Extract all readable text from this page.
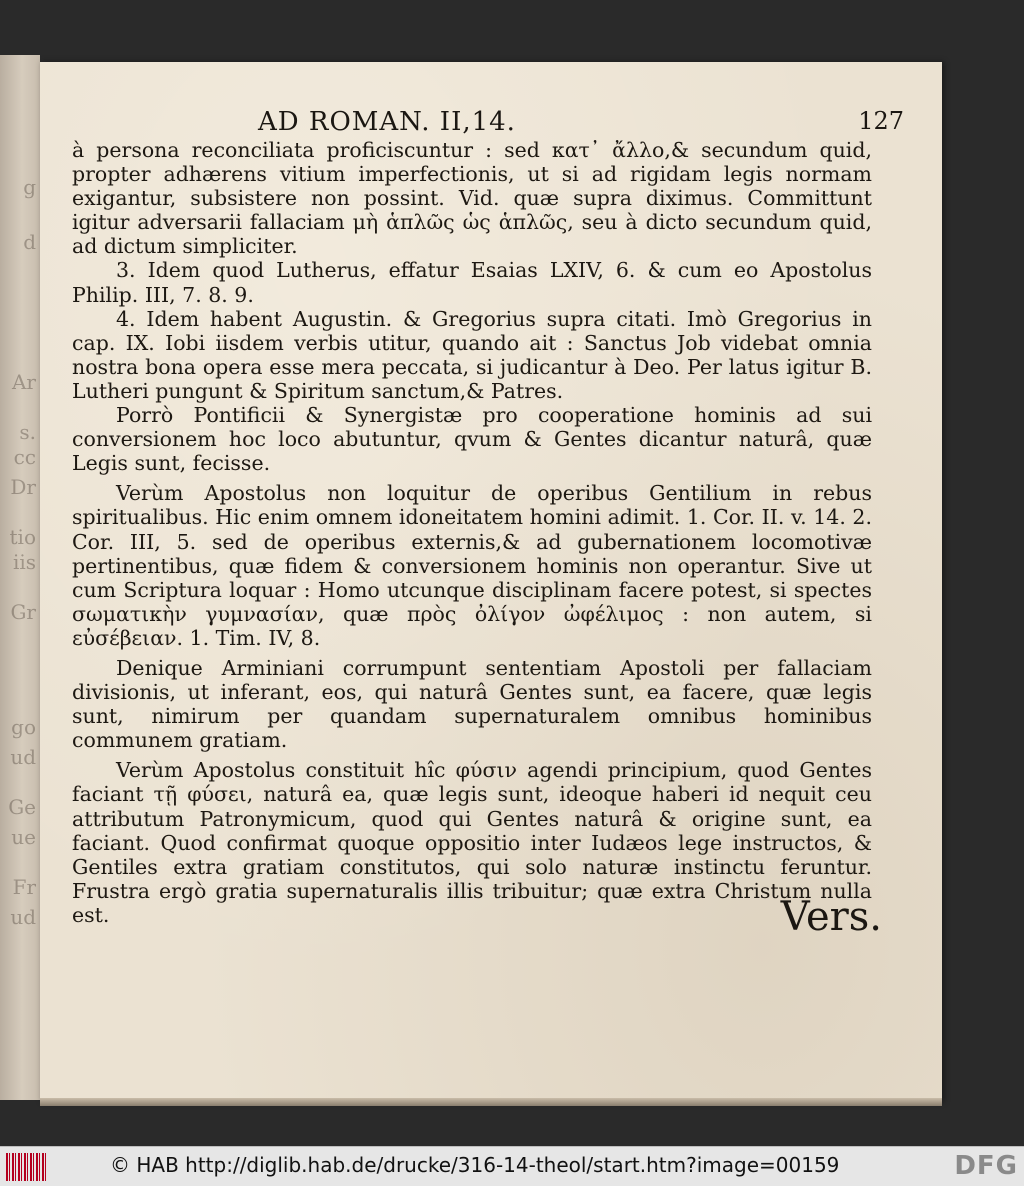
g
d
Ar
s.
cc
Dr
tio
iis
Gr
go
ud
Ge
ue
Fr
ud
AD ROMAN. II,14.	127

à persona reconciliata proficiscuntur : sed κατ᾽ ἄλλο,& secundum quid, propter adhærens vitium imperfectionis, ut si ad rigidam legis normam exigantur, subsistere non possint. Vid. quæ supra diximus. Committunt igitur adversarii fallaciam μὴ ἁπλῶς ὡς ἁπλῶς, seu à dicto secundum quid, ad dictum simpliciter.

3. Idem quod Lutherus, effatur Esaias LXIV, 6. & cum eo Apostolus Philip. III, 7. 8. 9.

4. Idem habent Augustin. & Gregorius supra citati. Imò Gregorius in cap. IX. Iobi iisdem verbis utitur, quando ait : Sanctus Job videbat omnia nostra bona opera esse mera peccata, si judicantur à Deo. Per latus igitur B. Lutheri pungunt & Spiritum sanctum,& Patres.

Porrò Pontificii & Synergistæ pro cooperatione hominis ad sui conversionem hoc loco abutuntur, qvum & Gentes dicantur naturâ, quæ Legis sunt, fecisse.

Verùm Apostolus non loquitur de operibus Gentilium in rebus spiritualibus. Hic enim omnem idoneitatem homini adimit. 1. Cor. II. v. 14. 2. Cor. III, 5. sed de operibus externis,& ad gubernationem locomotivæ pertinentibus, quæ fidem & conversionem hominis non operantur. Sive ut cum Scriptura loquar : Homo utcunque disciplinam facere potest, si spectes σωματικὴν γυμνασίαν, quæ πρὸς ὀλίγον ὠφέλιμος : non autem, si εὐσέβειαν. 1. Tim. IV, 8.

Denique Arminiani corrumpunt sententiam Apostoli per fallaciam divisionis, ut inferant, eos, qui naturâ Gentes sunt, ea facere, quæ legis sunt, nimirum per quandam supernaturalem omnibus hominibus communem gratiam.

Verùm Apostolus constituit hîc φύσιν agendi principium, quod Gentes faciant τῇ φύσει, naturâ ea, quæ legis sunt, ideoque haberi id nequit ceu attributum Patronymicum, quod qui Gentes naturâ & origine sunt, ea faciant. Quod confirmat quoque oppositio inter Iudæos lege instructos, & Gentiles extra gratiam constitutos, qui solo naturæ instinctu feruntur. Frustra ergò gratia supernaturalis illis tribuitur; quæ extra Christum nulla est.	Vers.
© HAB http://diglib.hab.de/drucke/316-14-theol/start.htm?image=00159	DFG
